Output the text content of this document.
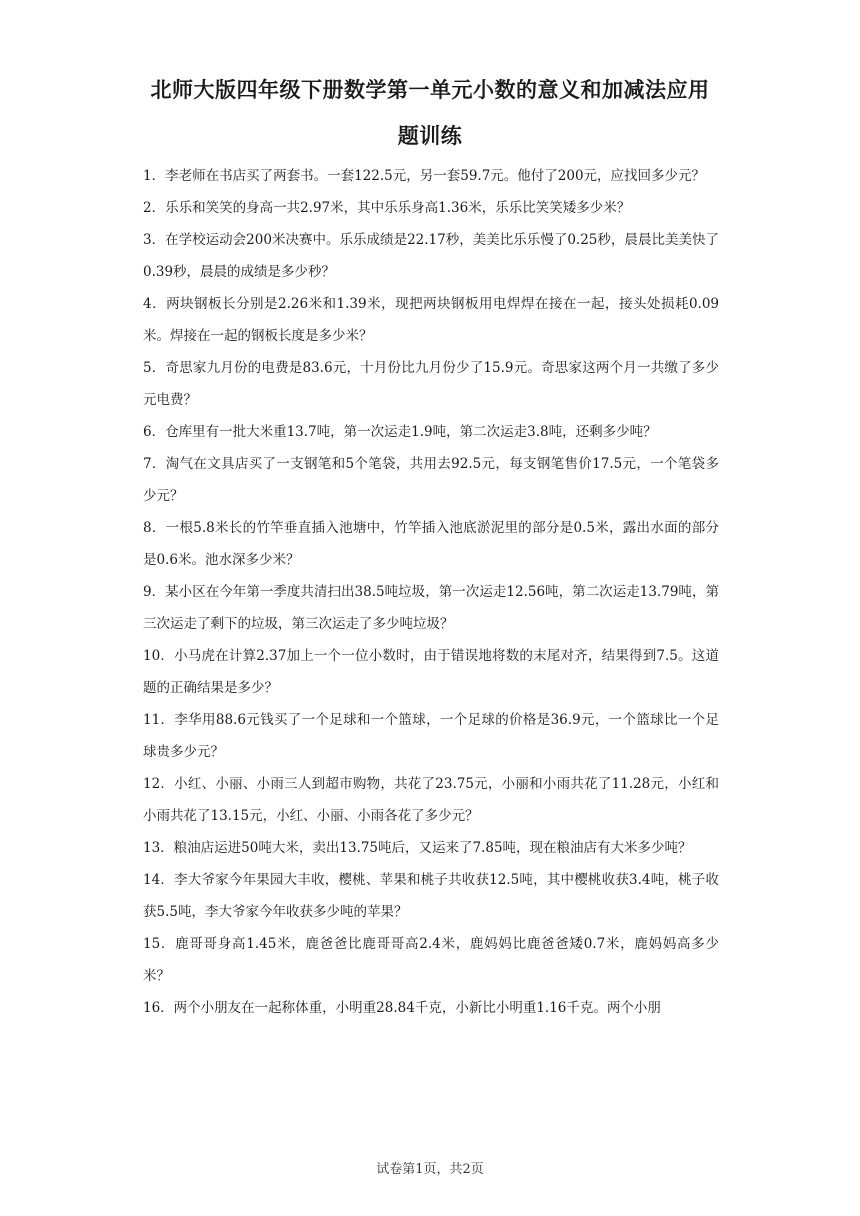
北师大版四年级下册数学第一单元小数的意义和加减法应用
题训练

1．李老师在书店买了两套书。一套122.5元，另一套59.7元。他付了200元，应找回多少元？

2．乐乐和笑笑的身高一共2.97米，其中乐乐身高1.36米，乐乐比笑笑矮多少米？

3．在学校运动会200米决赛中。乐乐成绩是22.17秒，美美比乐乐慢了0.25秒，晨晨比美美快了0.39秒，晨晨的成绩是多少秒？

4．两块钢板长分别是2.26米和1.39米，现把两块钢板用电焊焊在接在一起，接头处损耗0.09米。焊接在一起的钢板长度是多少米？

5．奇思家九月份的电费是83.6元，十月份比九月份少了15.9元。奇思家这两个月一共缴了多少元电费？

6．仓库里有一批大米重13.7吨，第一次运走1.9吨，第二次运走3.8吨，还剩多少吨？

7．淘气在文具店买了一支钢笔和5个笔袋，共用去92.5元，每支钢笔售价17.5元，一个笔袋多少元？

8．一根5.8米长的竹竿垂直插入池塘中，竹竿插入池底淤泥里的部分是0.5米，露出水面的部分是0.6米。池水深多少米？

9．某小区在今年第一季度共清扫出38.5吨垃圾，第一次运走12.56吨，第二次运走13.79吨，第三次运走了剩下的垃圾，第三次运走了多少吨垃圾？

10．小马虎在计算2.37加上一个一位小数时，由于错误地将数的末尾对齐，结果得到7.5。这道题的正确结果是多少？

11．李华用88.6元钱买了一个足球和一个篮球，一个足球的价格是36.9元，一个篮球比一个足球贵多少元？

12．小红、小丽、小雨三人到超市购物，共花了23.75元，小丽和小雨共花了11.28元，小红和小雨共花了13.15元，小红、小丽、小雨各花了多少元？

13．粮油店运进50吨大米，卖出13.75吨后，又运来了7.85吨，现在粮油店有大米多少吨？

14．李大爷家今年果园大丰收，樱桃、苹果和桃子共收获12.5吨，其中樱桃收获3.4吨，桃子收获5.5吨，李大爷家今年收获多少吨的苹果？

15．鹿哥哥身高1.45米，鹿爸爸比鹿哥哥高2.4米，鹿妈妈比鹿爸爸矮0.7米，鹿妈妈高多少米？

16．两个小朋友在一起称体重，小明重28.84千克，小新比小明重1.16千克。两个小朋

试卷第1页，共2页
